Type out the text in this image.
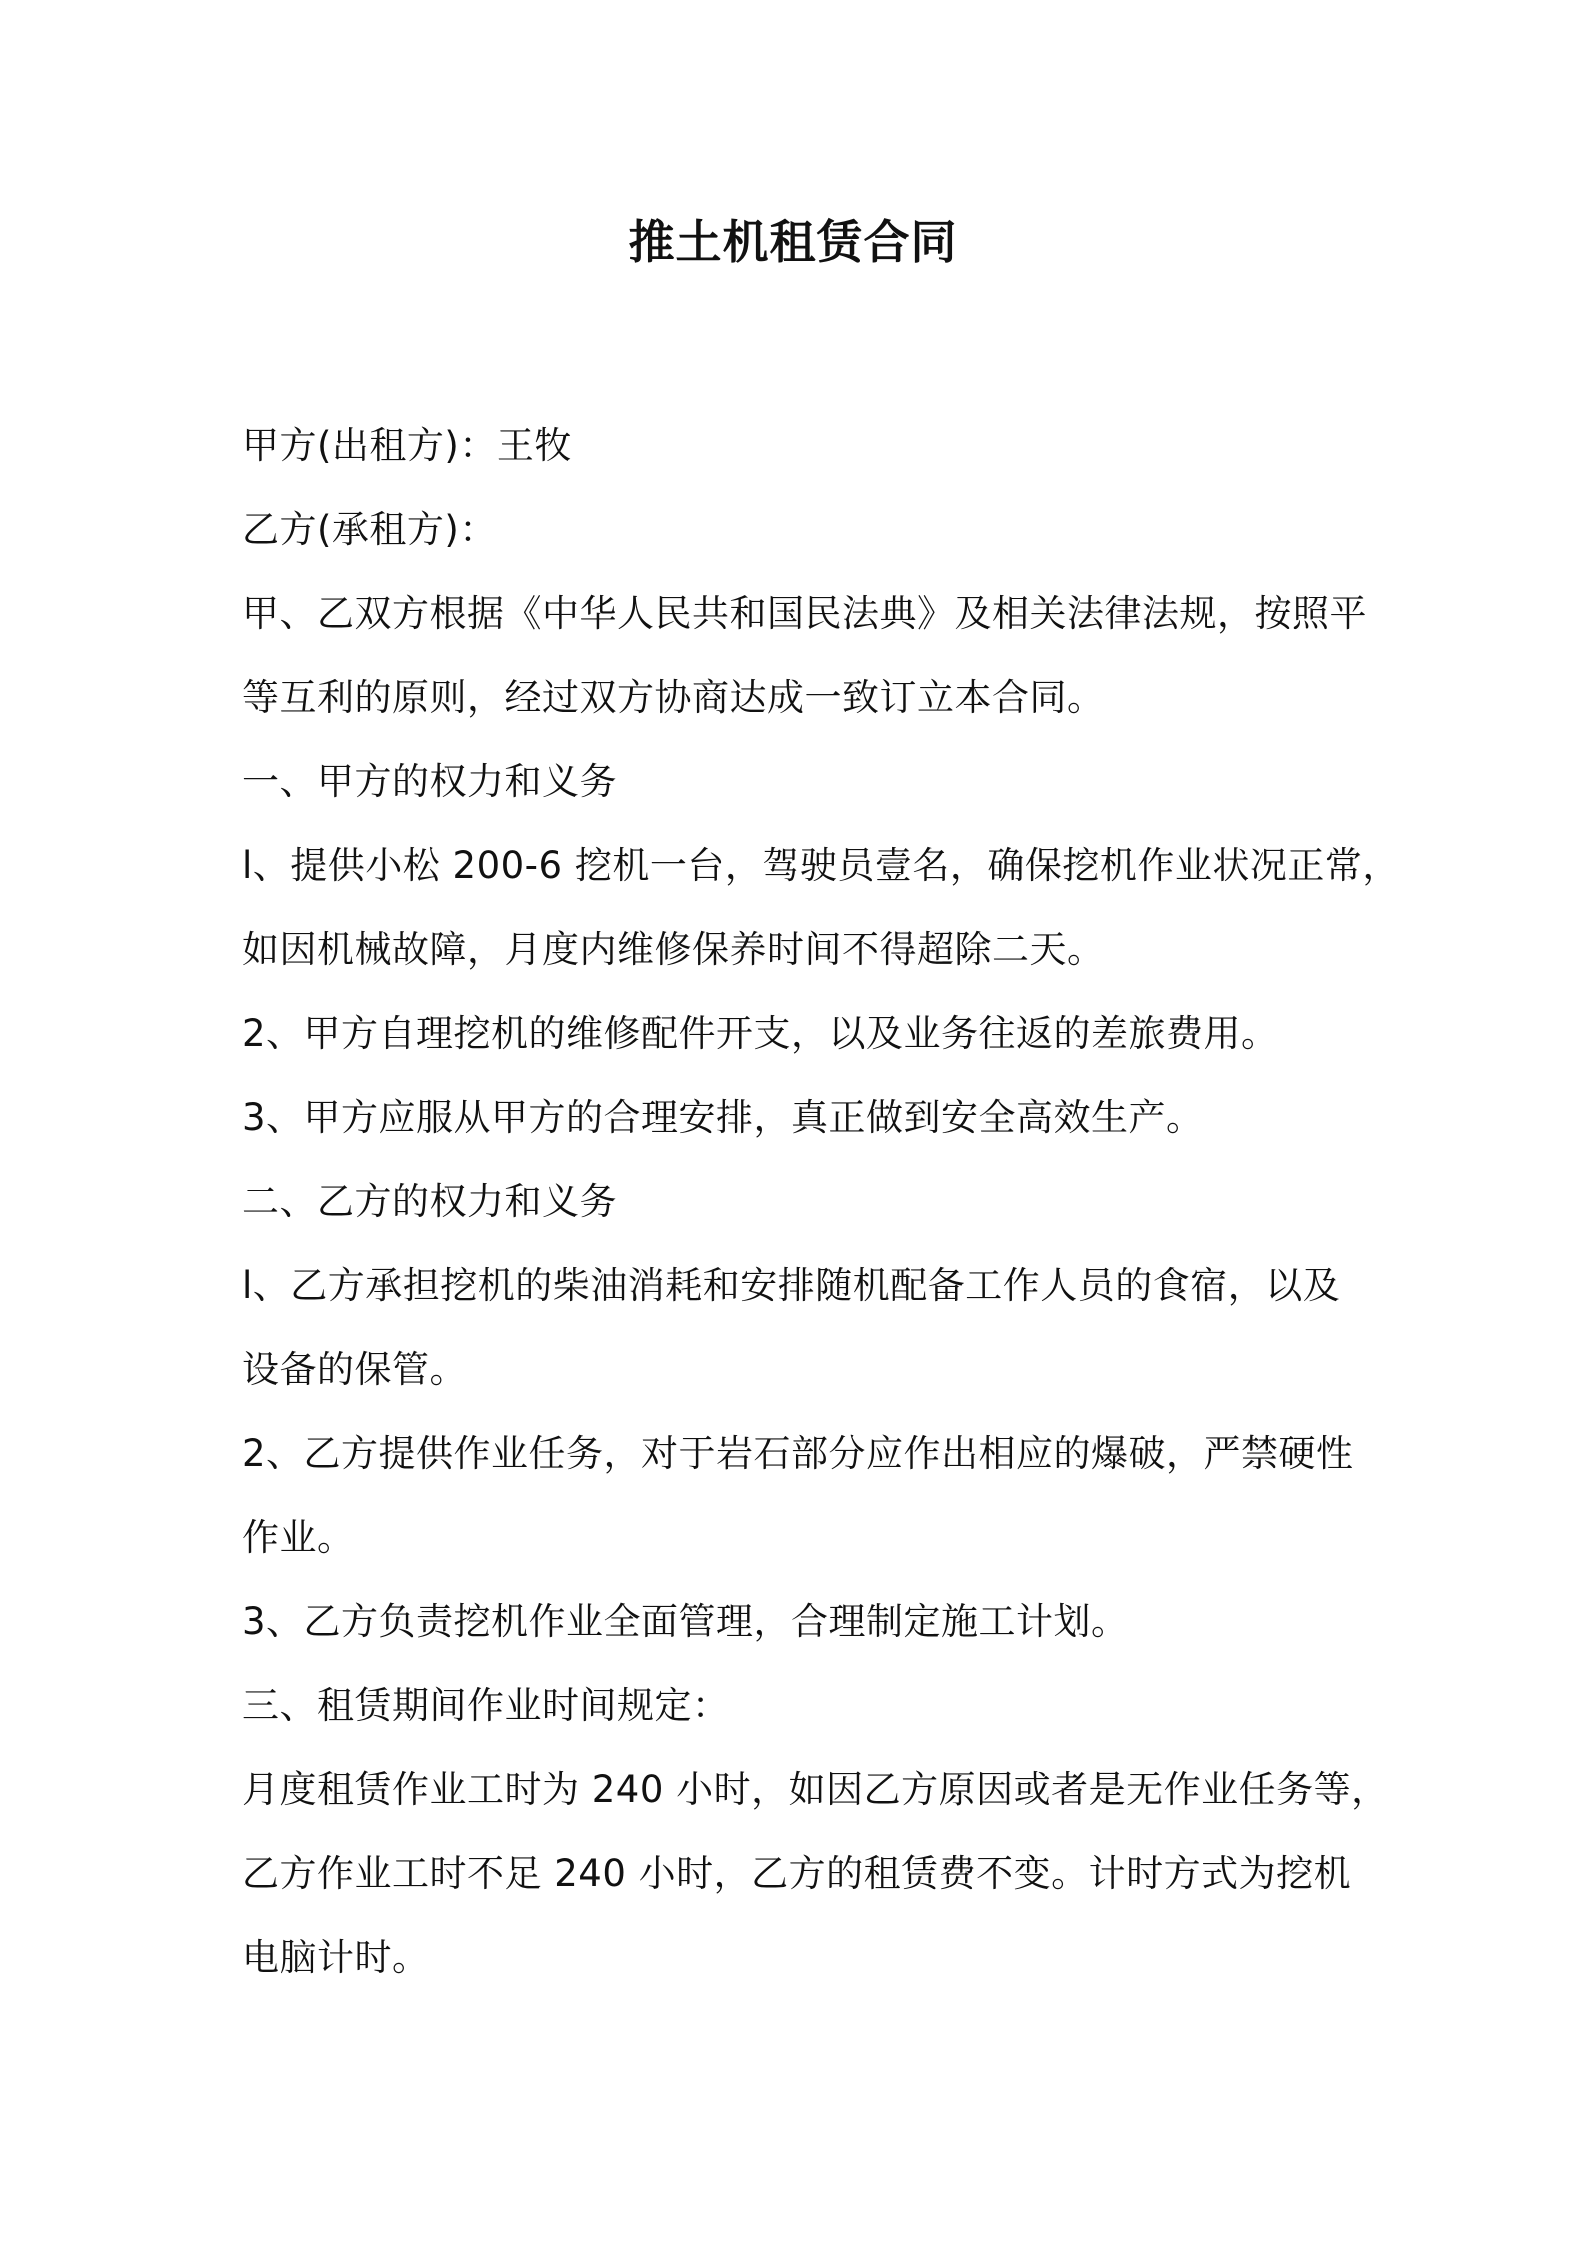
推土机租赁合同
甲方(出租方)：王牧
乙方(承租方)：
甲、乙双方根据《中华人民共和国民法典》及相关法律法规，按照平
等互利的原则，经过双方协商达成一致订立本合同。
一、甲方的权力和义务
l、提供小松 200-6 挖机一台，驾驶员壹名，确保挖机作业状况正常，
如因机械故障，月度内维修保养时间不得超除二天。
2、甲方自理挖机的维修配件开支，以及业务往返的差旅费用。
3、甲方应服从甲方的合理安排，真正做到安全高效生产。
二、乙方的权力和义务
l、乙方承担挖机的柴油消耗和安排随机配备工作人员的食宿，以及
设备的保管。
2、乙方提供作业任务，对于岩石部分应作出相应的爆破，严禁硬性
作业。
3、乙方负责挖机作业全面管理，合理制定施工计划。
三、租赁期间作业时间规定：
月度租赁作业工时为 240 小时，如因乙方原因或者是无作业任务等，
乙方作业工时不足 240 小时，乙方的租赁费不变。计时方式为挖机
电脑计时。
